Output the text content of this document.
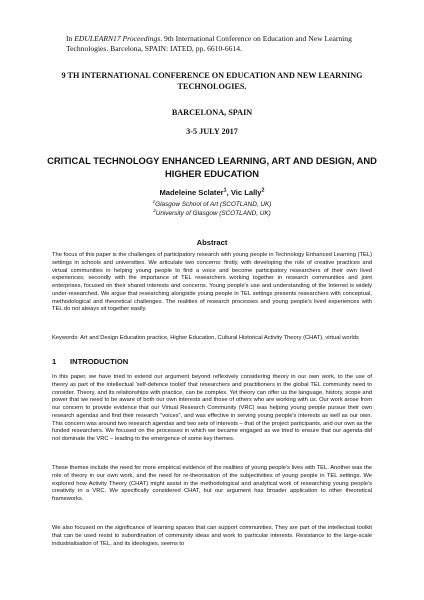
In EDULEARN17 Proceedings. 9th International Conference on Education and New Learning Technologies. Barcelona, SPAIN: IATED, pp. 6610-6614.
9 TH INTERNATIONAL CONFERENCE ON EDUCATION AND NEW LEARNING TECHNOLOGIES.
BARCELONA, SPAIN
3-5 JULY 2017
CRITICAL TECHNOLOGY ENHANCED LEARNING, ART AND DESIGN, AND HIGHER EDUCATION
Madeleine Sclater$^1$, Vic Lally$^2$
$^1$Glasgow School of Art (SCOTLAND, UK)
$^2$University of Glasgow (SCOTLAND, UK)
Abstract

The focus of this paper is the challenges of participatory research with young people in Technology Enhanced Learning (TEL) settings in schools and universities. We articulate two concerns: firstly, with developing the role of creative practices and virtual communities in helping young people to find a voice and become participatory researchers of their own lived experiences; secondly with the importance of TEL researchers working together in research communities and joint enterprises, focused on their shared interests and concerns. Young people's use and understanding of the Internet is widely under-researched. We argue that researching alongside young people in TEL settings presents researchers with conceptual, methodological and theoretical challenges. The realities of research processes and young people's lived experiences with TEL do not always sit together easily.

Keywords: Art and Design Education practice, Higher Education, Cultural Historical Activity Theory (CHAT), virtual worlds

1 INTRODUCTION

In this paper, we have tried to extend our argument beyond reflexively considering theory in our own work, to the use of theory as part of the intellectual 'self-defence toolkit' that researchers and practitioners in the global TEL community need to consider. Theory, and its relationships with practice, can be complex. Yet theory can offer us the language, history, scope and power that we need to be aware of both our own interests and those of others who are working with us. Our work arose from our concern to provide evidence that our Virtual Research Community (VRC) was helping young people pursue their own research agendas and find their research "voices", and was effective in serving young people's interests as well as our own. This concern was around two research agendas and two sets of interests – that of the project participants, and our own as the funded researchers. We focused on the processes in which we became engaged as we tried to ensure that our agenda did not dominate the VRC – leading to the emergence of some key themes.

These themes include the need for more empirical evidence of the realities of young people's lives with TEL. Another was the role of theory in our own work, and the need for re-theorisation of the subjectivities of young people in TEL settings. We explored how Activity Theory (CHAT) might assist in the methodological and analytical work of researching young people's creativity in a VRC. We specifically considered CHAT, but our argument has broader application to other theoretical frameworks.

We also focused on the significance of learning spaces that can support communities. They are part of the intellectual toolkit that can be used resist to subordination of community ideas and work to particular interests. Resistance to the large-scale industrialisation of TEL, and its ideologies, seems to
